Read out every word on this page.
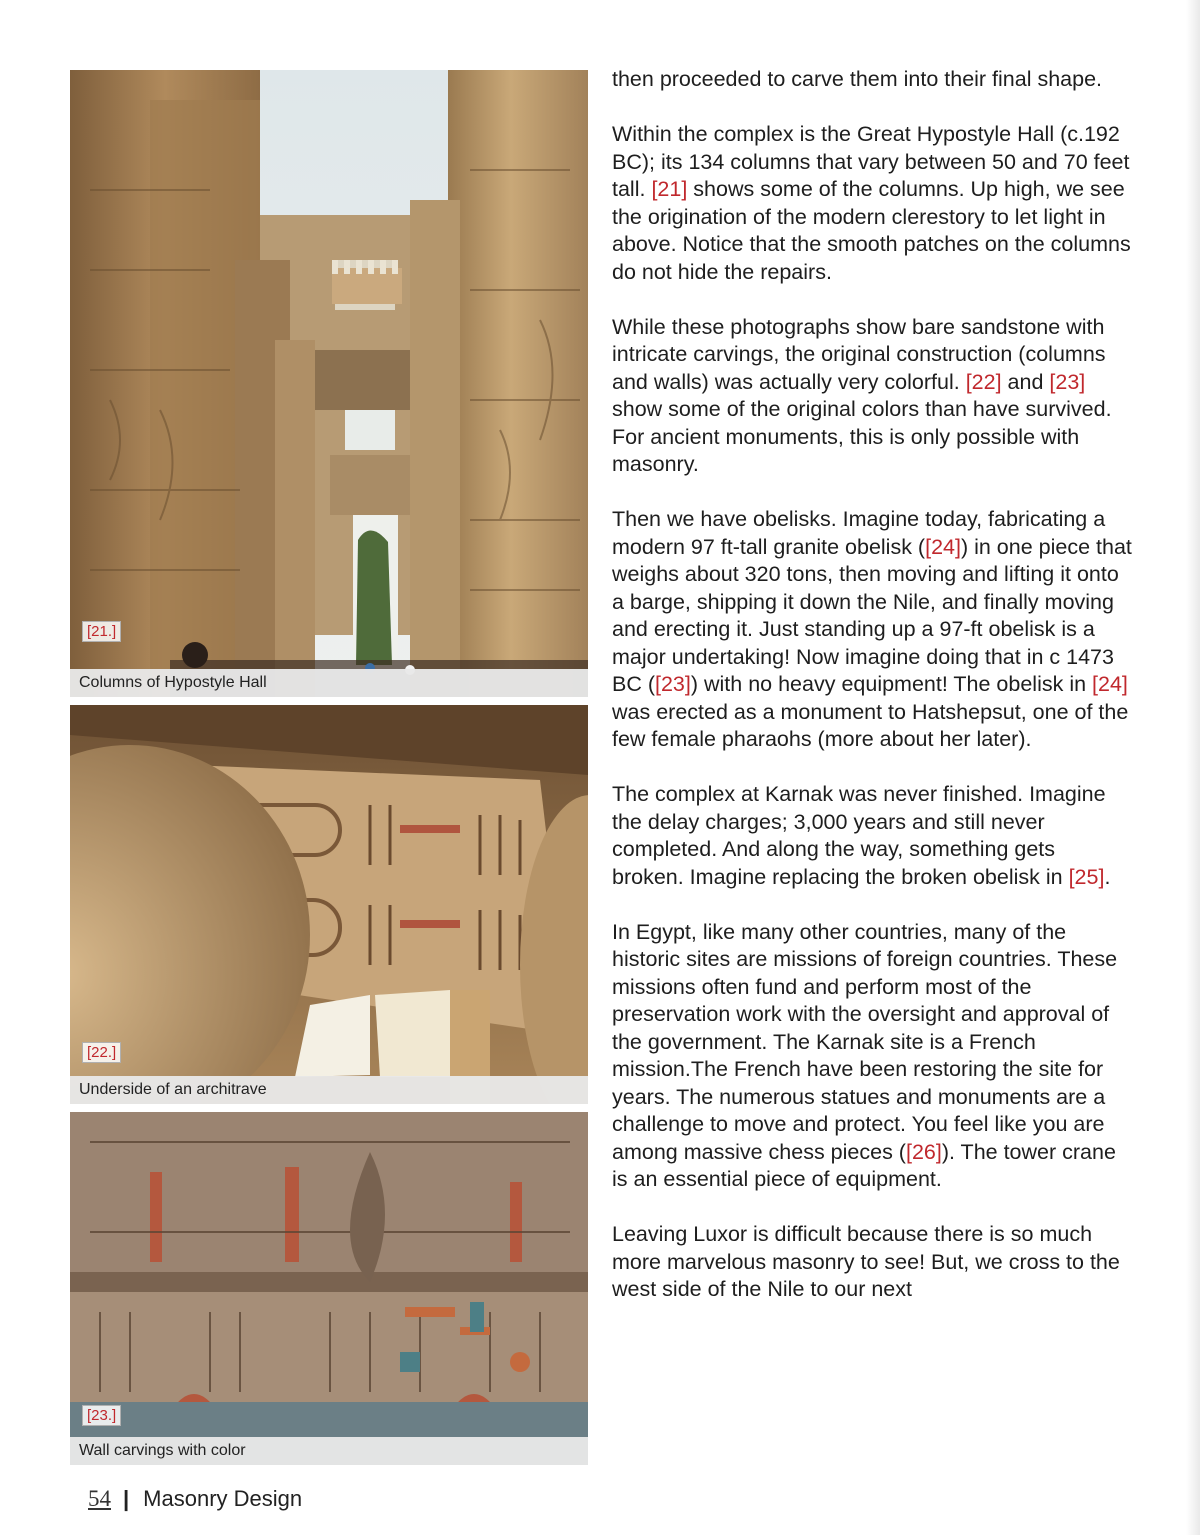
[21.]
Columns of Hypostyle Hall
[22.]
Underside of an architrave
[23.]
Wall carvings with color

then proceeded to carve them into their final shape.

Within the complex is the Great Hypostyle Hall (c.192 BC); its 134 columns that vary between 50 and 70 feet tall. [21] shows some of the columns. Up high, we see the origination of the modern clerestory to let light in above. Notice that the smooth patches on the columns do not hide the repairs.

While these photographs show bare sandstone with intricate carvings, the original construction (columns and walls) was actually very colorful. [22] and [23] show some of the original colors than have survived. For ancient monuments, this is only possible with masonry.

Then we have obelisks. Imagine today, fabricating a modern 97 ft-tall granite obelisk ([24]) in one piece that weighs about 320 tons, then moving and lifting it onto a barge, shipping it down the Nile, and finally moving and erecting it. Just standing up a 97-ft obelisk is a major undertaking! Now imagine doing that in c 1473 BC ([23]) with no heavy equipment! The obelisk in [24] was erected as a monument to Hatshepsut, one of the few female pharaohs (more about her later).

The complex at Karnak was never finished. Imagine the delay charges; 3,000 years and still never completed. And along the way, something gets broken. Imagine replacing the broken obelisk in [25].

In Egypt, like many other countries, many of the historic sites are missions of foreign countries. These missions often fund and perform most of the preservation work with the oversight and approval of the government. The Karnak site is a French mission.The French have been restoring the site for years. The numerous statues and monuments are a challenge to move and protect. You feel like you are among massive chess pieces ([26]). The tower crane is an essential piece of equipment.

Leaving Luxor is difficult because there is so much more marvelous masonry to see! But, we cross to the west side of the Nile to our next

54 | Masonry Design
